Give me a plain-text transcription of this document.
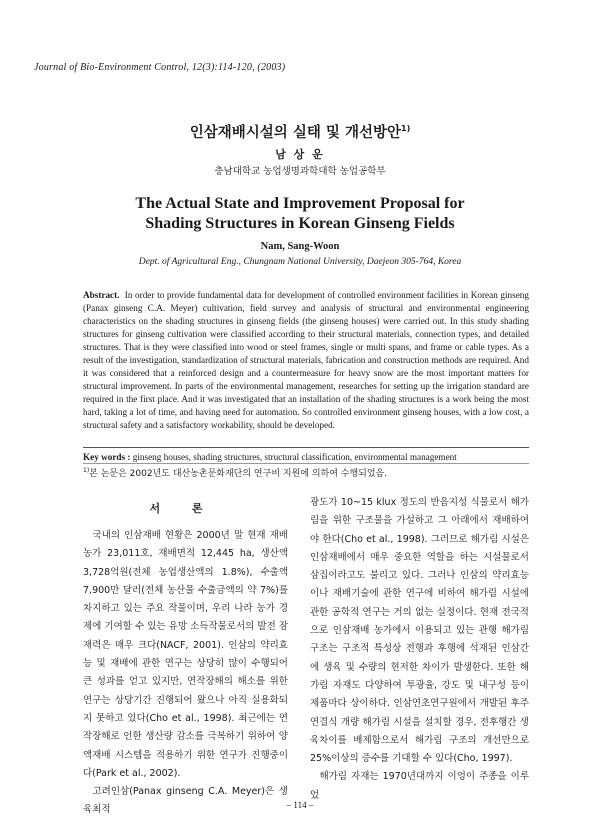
Journal of Bio-Environment Control, 12(3):114-120, (2003)
인삼재배시설의 실태 및 개선방안$^{1)}$
남 상 운
충남대학교 농업생명과학대학 농업공학부
The Actual State and Improvement Proposal for
Shading Structures in Korean Ginseng Fields
Nam, Sang-Woon
Dept. of Agricultural Eng., Chungnam National University, Daejeon 305-764, Korea
Abstract. In order to provide fundamental data for development of controlled environment facilities in Korean ginseng (Panax ginseng C.A. Meyer) cultivation, field survey and analysis of structural and environmental engineering characteristics on the shading structures in ginseng fields (the ginseng houses) were carried out. In this study shading structures for ginseng cultivation were classified according to their structural materials, connection types, and detailed structures. That is they were classified into wood or steel frames, single or multi spans, and frame or cable types. As a result of the investigation, standardization of structural materials, fabrication and construction methods are required. And it was considered that a reinforced design and a countermeasure for heavy snow are the most important matters for structural improvement. In parts of the environmental management, researches for setting up the irrigation standard are required in the first place. And it was investigated that an installation of the shading structures is a work being the most hard, taking a lot of time, and having need for automation. So controlled environment ginseng houses, with a low cost, a structural safety and a satisfactory workability, should be developed.
Key words : ginseng houses, shading structures, structural classification, environmental management
$^{1)}$본 논문은 2002년도 대산농촌문화재단의 연구비 지원에 의하여 수행되었음.
서 론

국내의 인삼재배 현황은 2000년 말 현재 재배농가 23,011호, 재배면적 12,445 ha, 생산액 3,728억원(전체 농업생산액의 1.8%), 수출액 7,900만 달러(전체 농산물 수출금액의 약 7%)를 차지하고 있는 주요 작물이며, 우리 나라 농가 경제에 기여할 수 있는 유망 소득작물로서의 발전 잠재력은 매우 크다(NACF, 2001). 인삼의 약리효능 및 재배에 관한 연구는 상당히 많이 수행되어 큰 성과를 얻고 있지만, 연작장해의 해소를 위한 연구는 상당기간 진행되어 왔으나 아직 실용화되지 못하고 있다(Cho et al., 1998). 최근에는 연작장해로 인한 생산량 감소를 극복하기 위하여 양액재배 시스템을 적용하기 위한 연구가 진행중이다(Park et al., 2002).

고려인삼(Panax ginseng C.A. Meyer)은 생육최적

광도가 10~15 klux 정도의 반음지성 식물로서 해가림을 위한 구조물을 가설하고 그 아래에서 재배하여야 한다(Cho et al., 1998). 그러므로 해가림 시설은 인삼재배에서 매우 중요한 역할을 하는 시설물로서 삼집이라고도 불리고 있다. 그러나 인삼의 약리효능이나 재배기술에 관한 연구에 비하여 해가림 시설에 관한 공학적 연구는 거의 없는 실정이다. 현재 전국적으로 인삼재배 농가에서 이용되고 있는 관행 해가림 구조는 구조적 특성상 전행과 후행에 석재된 인삼간에 생육 및 수량의 현저한 차이가 발생한다. 또한 해가림 자재도 다양하여 투광율, 강도 및 내구성 등이 제품마다 상이하다. 인삼연초연구원에서 개발된 후주 연결식 개량 해가림 시설을 설치할 경우, 전후행간 생육차이를 배제함으로서 해가림 구조의 개선만으로 25%이상의 증수를 기대할 수 있다(Cho, 1997).

해가림 자재는 1970년대까지 이엉이 주종을 이루었

– 114 –
